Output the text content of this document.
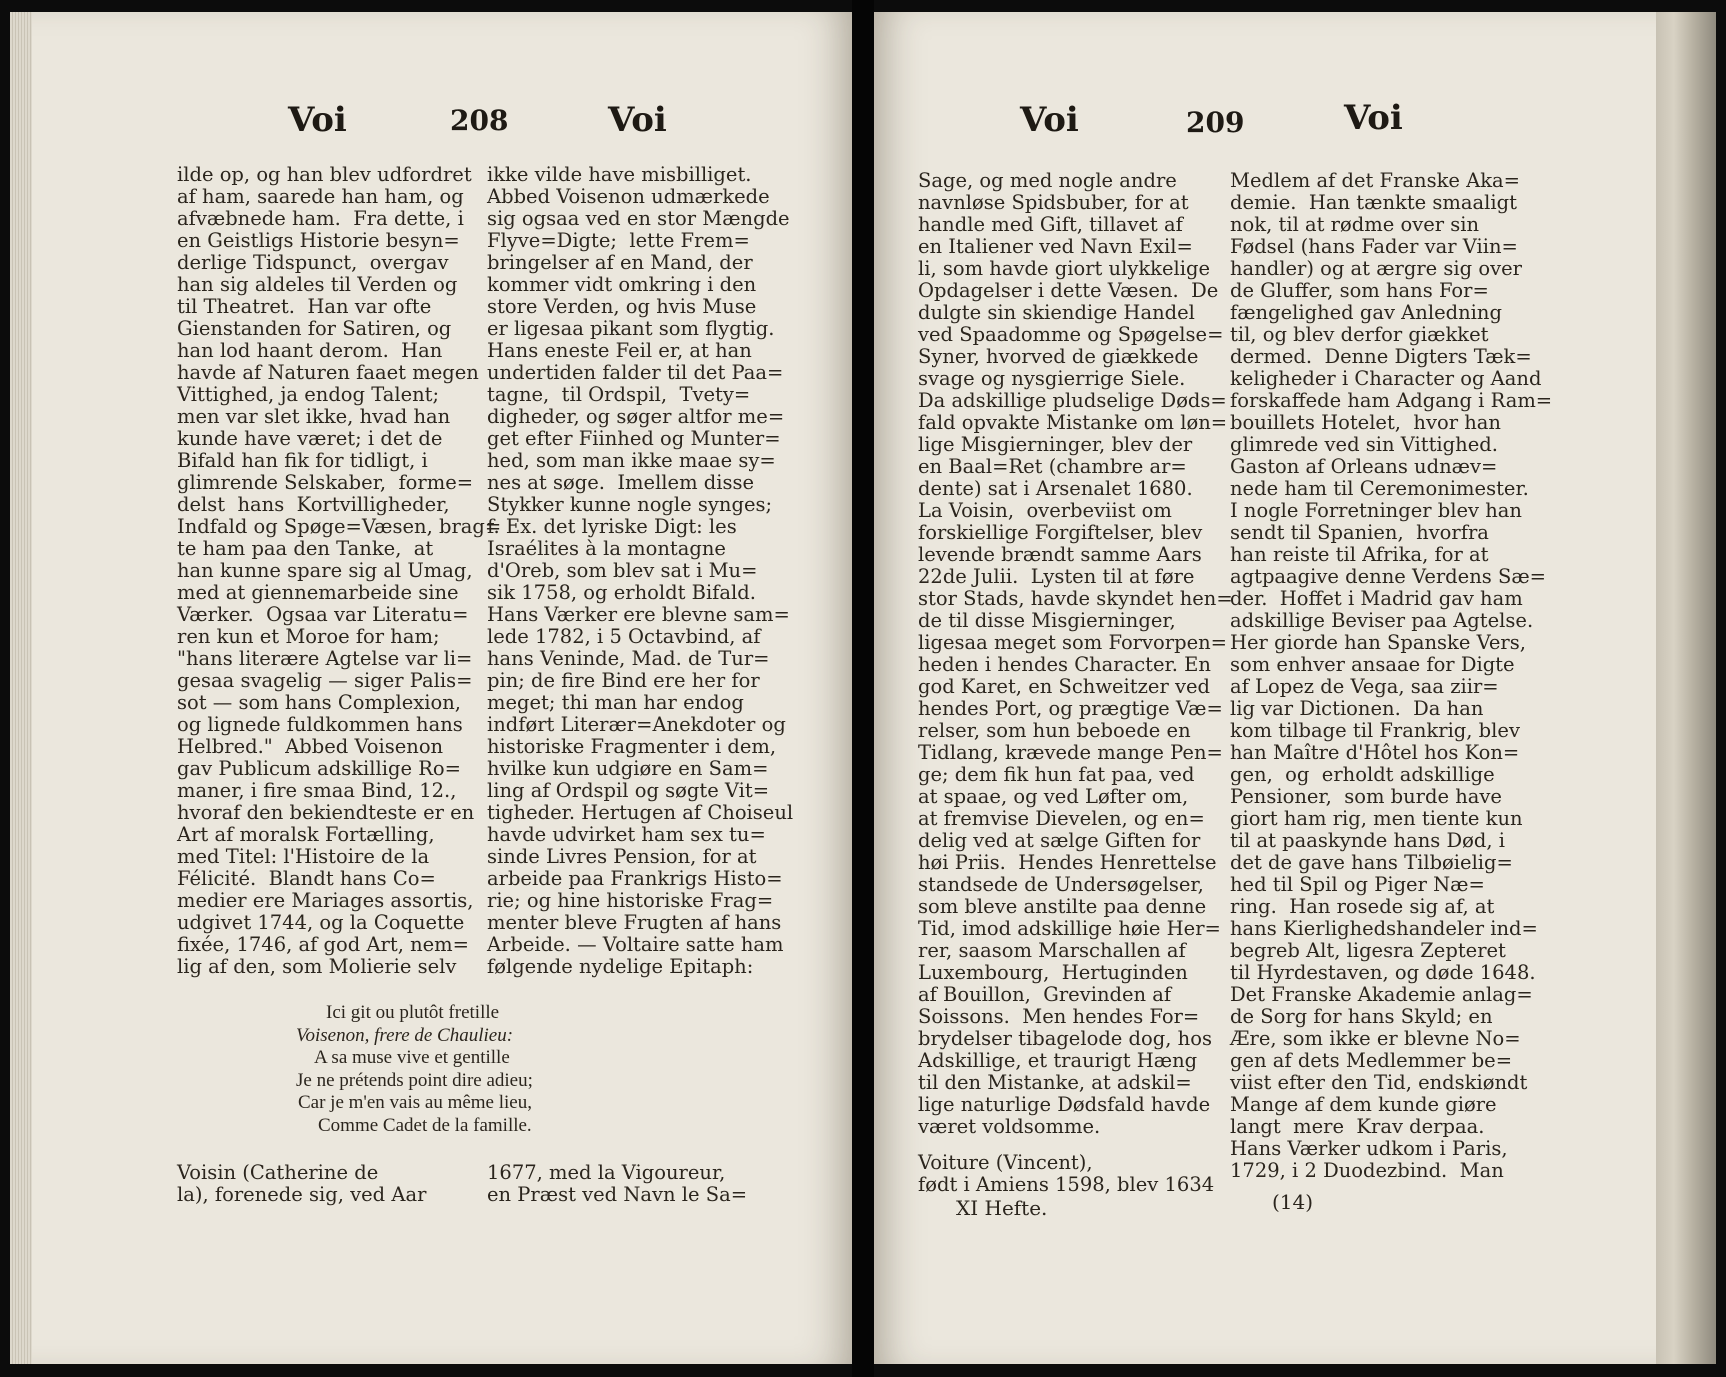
Voi	208	Voi
ilde op, og han blev udfordret
af ham, saarede han ham, og
afvæbnede ham.  Fra dette, i
en Geistligs Historie besyn=
derlige Tidspunct,  overgav
han sig aldeles til Verden og
til Theatret.  Han var ofte
Gienstanden for Satiren, og
han lod haant derom.  Han
havde af Naturen faaet megen
Vittighed, ja endog Talent;
men var slet ikke, hvad han
kunde have været; i det de
Bifald han fik for tidligt, i
glimrende Selskaber,  forme=
delst  hans  Kortvilligheder,
Indfald og Spøge=Væsen, brag=
te ham paa den Tanke,  at
han kunne spare sig al Umag,
med at giennemarbeide sine
Værker.  Ogsaa var Literatu=
ren kun et Moroe for ham;
"hans literære Agtelse var li=
gesaa svagelig — siger Palis=
sot — som hans Complexion,
og lignede fuldkommen hans
Helbred."  Abbed Voisenon
gav Publicum adskillige Ro=
maner, i fire smaa Bind, 12.,
hvoraf den bekiendteste er en
Art af moralsk Fortælling,
med Titel: l'Histoire de la
Félicité.  Blandt hans Co=
medier ere Mariages assortis,
udgivet 1744, og la Coquette
fixée, 1746, af god Art, nem=
lig af den, som Molierie selv
ikke vilde have misbilliget.
Abbed Voisenon udmærkede
sig ogsaa ved en stor Mængde
Flyve=Digte;  lette Frem=
bringelser af en Mand, der
kommer vidt omkring i den
store Verden, og hvis Muse
er ligesaa pikant som flygtig.
Hans eneste Feil er, at han
undertiden falder til det Paa=
tagne,  til Ordspil,  Tvety=
digheder, og søger altfor me=
get efter Fiinhed og Munter=
hed, som man ikke maae sy=
nes at søge.  Imellem disse
Stykker kunne nogle synges;
f. Ex. det lyriske Digt: les
Israélites à la montagne
d'Oreb, som blev sat i Mu=
sik 1758, og erholdt Bifald.
Hans Værker ere blevne sam=
lede 1782, i 5 Octavbind, af
hans Veninde, Mad. de Tur=
pin; de fire Bind ere her for
meget; thi man har endog
indført Literær=Anekdoter og
historiske Fragmenter i dem,
hvilke kun udgiøre en Sam=
ling af Ordspil og søgte Vit=
tigheder. Hertugen af Choiseul
havde udvirket ham sex tu=
sinde Livres Pension, for at
arbeide paa Frankrigs Histo=
rie; og hine historiske Frag=
menter bleve Frugten af hans
Arbeide. — Voltaire satte ham
følgende nydelige Epitaph:
Ici git ou plutôt fretille
Voisenon, frere de Chaulieu:
A sa muse vive et gentille
Je ne prétends point dire adieu;
Car je m'en vais au même lieu,
Comme Cadet de la famille.
Voisin (Catherine de
la), forenede sig, ved Aar
1677, med la Vigoureur,
en Præst ved Navn le Sa=
Voi	209	Voi
Sage, og med nogle andre
navnløse Spidsbuber, for at
handle med Gift, tillavet af
en Italiener ved Navn Exil=
li, som havde giort ulykkelige
Opdagelser i dette Væsen.  De
dulgte sin skiendige Handel
ved Spaadomme og Spøgelse=
Syner, hvorved de giækkede
svage og nysgierrige Siele.
Da adskillige pludselige Døds=
fald opvakte Mistanke om løn=
lige Misgierninger, blev der
en Baal=Ret (chambre ar=
dente) sat i Arsenalet 1680.
La Voisin,  overbeviist om
forskiellige Forgiftelser, blev
levende brændt samme Aars
22de Julii.  Lysten til at føre
stor Stads, havde skyndet hen=
de til disse Misgierninger,
ligesaa meget som Forvorpen=
heden i hendes Character. En
god Karet, en Schweitzer ved
hendes Port, og prægtige Væ=
relser, som hun beboede en
Tidlang, krævede mange Pen=
ge; dem fik hun fat paa, ved
at spaae, og ved Løfter om,
at fremvise Dievelen, og en=
delig ved at sælge Giften for
høi Priis.  Hendes Henrettelse
standsede de Undersøgelser,
som bleve anstilte paa denne
Tid, imod adskillige høie Her=
rer, saasom Marschallen af
Luxembourg,  Hertuginden
af Bouillon,  Grevinden af
Soissons.  Men hendes For=
brydelser tibagelode dog, hos
Adskillige, et traurigt Hæng
til den Mistanke, at adskil=
lige naturlige Dødsfald havde
været voldsomme.
Medlem af det Franske Aka=
demie.  Han tænkte smaaligt
nok, til at rødme over sin
Fødsel (hans Fader var Viin=
handler) og at ærgre sig over
de Gluffer, som hans For=
fængelighed gav Anledning
til, og blev derfor giækket
dermed.  Denne Digters Tæk=
keligheder i Character og Aand
forskaffede ham Adgang i Ram=
bouillets Hotelet,  hvor han
glimrede ved sin Vittighed.
Gaston af Orleans udnæv=
nede ham til Ceremonimester.
I nogle Forretninger blev han
sendt til Spanien,  hvorfra
han reiste til Afrika, for at
agtpaagive denne Verdens Sæ=
der.  Hoffet i Madrid gav ham
adskillige Beviser paa Agtelse.
Her giorde han Spanske Vers,
som enhver ansaae for Digte
af Lopez de Vega, saa ziir=
lig var Dictionen.  Da han
kom tilbage til Frankrig, blev
han Maître d'Hôtel hos Kon=
gen,  og  erholdt adskillige
Pensioner,  som burde have
giort ham rig, men tiente kun
til at paaskynde hans Død, i
det de gave hans Tilbøielig=
hed til Spil og Piger Næ=
ring.  Han rosede sig af, at
hans Kierlighedshandeler ind=
begreb Alt, ligesra Zepteret
til Hyrdestaven, og døde 1648.
Det Franske Akademie anlag=
de Sorg for hans Skyld; en
Ære, som ikke er blevne No=
gen af dets Medlemmer be=
viist efter den Tid, endskiøndt
Mange af dem kunde giøre
langt  mere  Krav derpaa.
Hans Værker udkom i Paris,
1729, i 2 Duodezbind.  Man
Voiture (Vincent),
født i Amiens 1598, blev 1634
XI Hefte.	(14)
